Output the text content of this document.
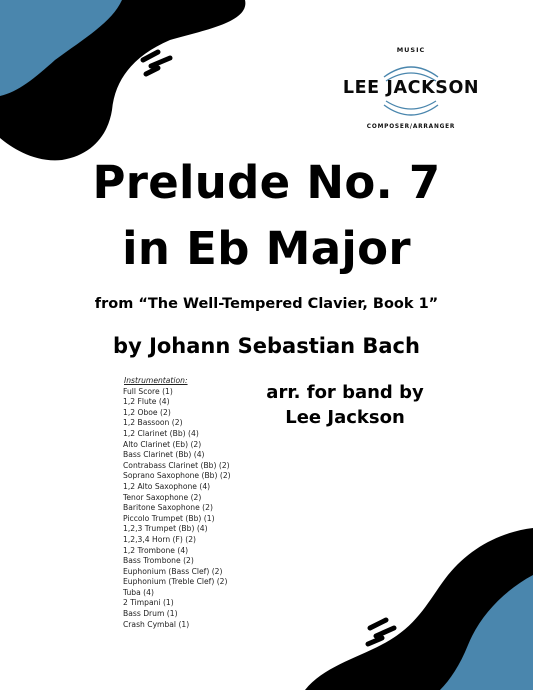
MUSIC
LEE JACKSON
COMPOSER/ARRANGER
Prelude No. 7
in Eb Major
from “The Well-Tempered Clavier, Book 1”
by Johann Sebastian Bach
Instrumentation:
Full Score (1)
1,2 Flute (4)
1,2 Oboe (2)
1,2 Bassoon (2)
1,2 Clarinet (Bb) (4)
Alto Clarinet (Eb) (2)
Bass Clarinet (Bb) (4)
Contrabass Clarinet (Bb) (2)
Soprano Saxophone (Bb) (2)
1,2 Alto Saxophone (4)
Tenor Saxophone (2)
Baritone Saxophone (2)
Piccolo Trumpet (Bb) (1)
1,2,3 Trumpet (Bb) (4)
1,2,3,4 Horn (F) (2)
1,2 Trombone (4)
Bass Trombone (2)
Euphonium (Bass Clef) (2)
Euphonium (Treble Clef) (2)
Tuba (4)
2 Timpani (1)
Bass Drum (1)
Crash Cymbal (1)
arr. for band by
Lee Jackson
